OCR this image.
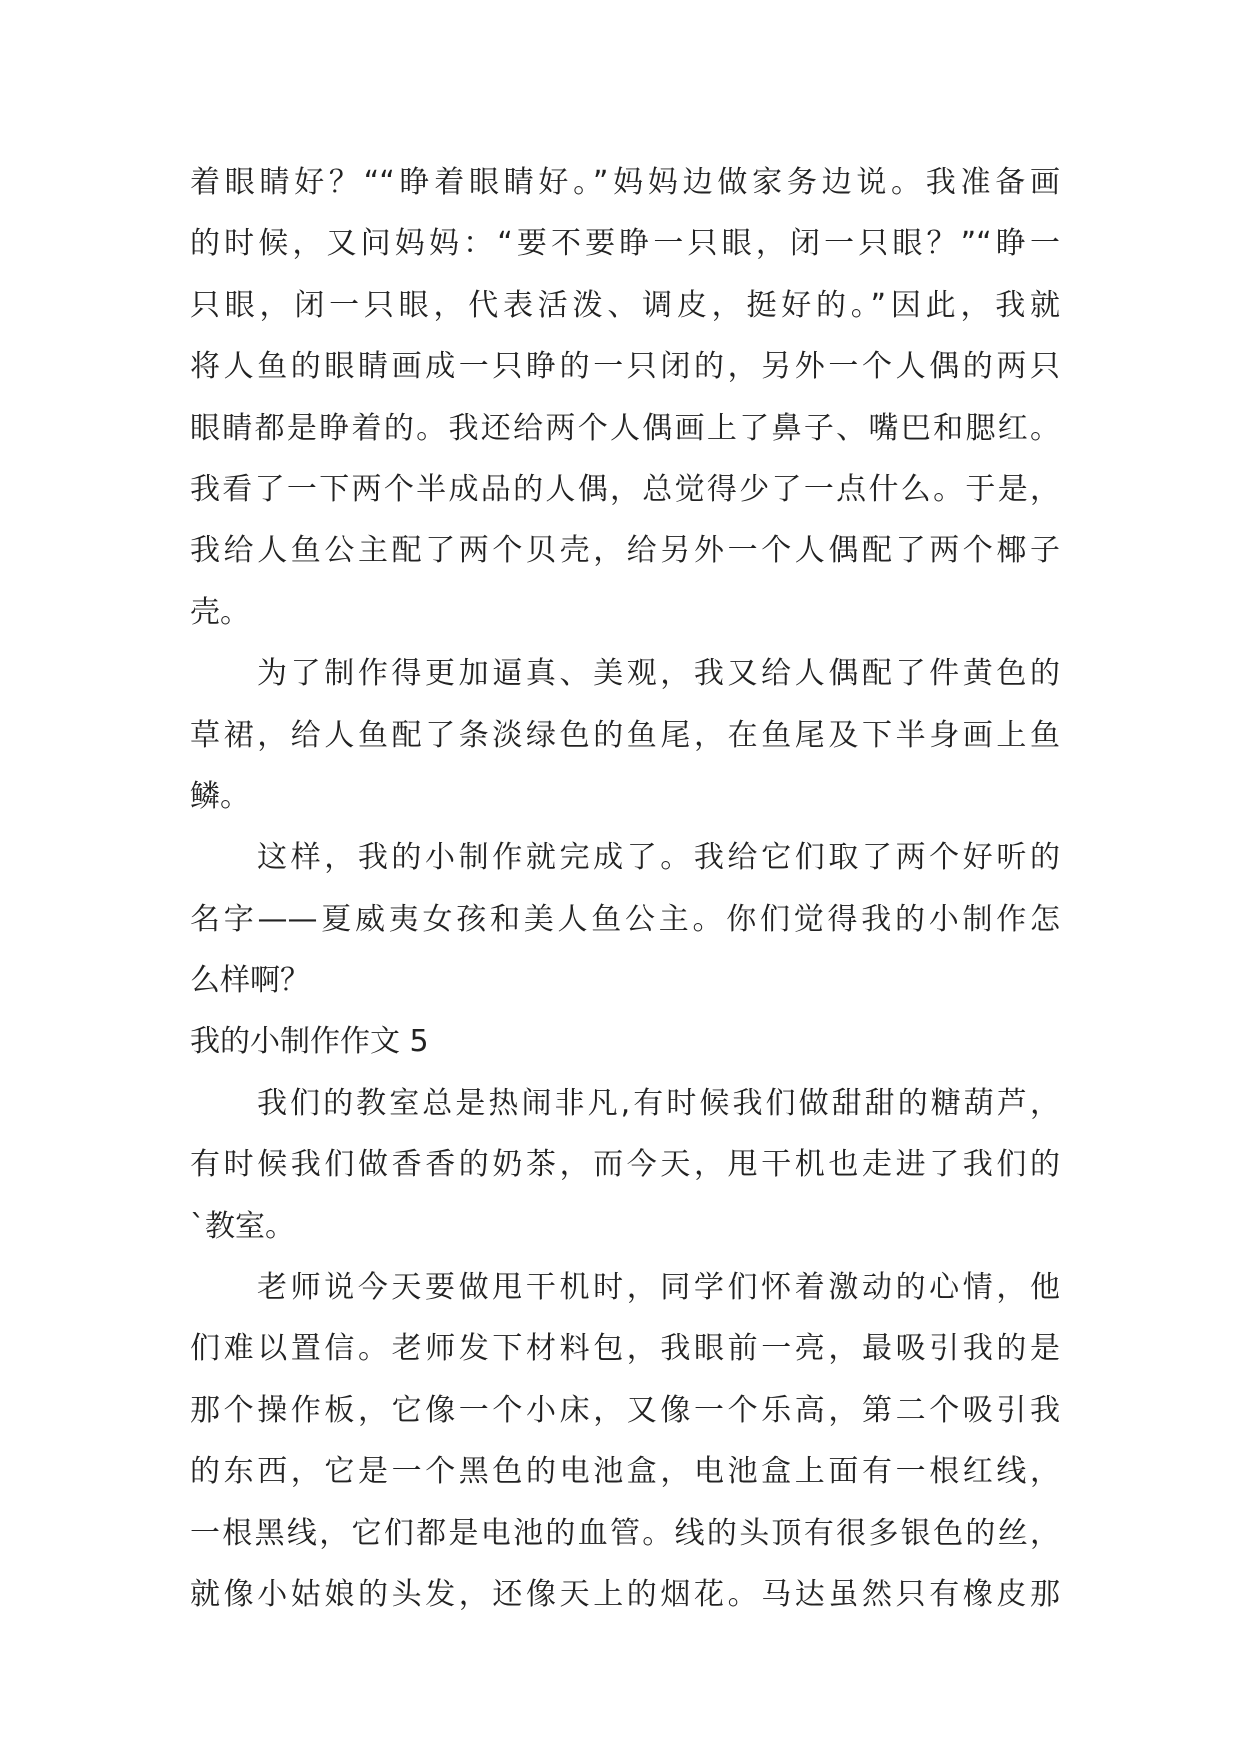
着眼睛好？““睁着眼睛好。”妈妈边做家务边说。我准备画
的时候，又问妈妈：“要不要睁一只眼，闭一只眼？”“睁一
只眼，闭一只眼，代表活泼、调皮，挺好的。”因此，我就
将人鱼的眼睛画成一只睁的一只闭的，另外一个人偶的两只
眼睛都是睁着的。我还给两个人偶画上了鼻子、嘴巴和腮红。
我看了一下两个半成品的人偶，总觉得少了一点什么。于是，
我给人鱼公主配了两个贝壳，给另外一个人偶配了两个椰子
壳。
为了制作得更加逼真、美观，我又给人偶配了件黄色的
草裙，给人鱼配了条淡绿色的鱼尾，在鱼尾及下半身画上鱼
鳞。
这样，我的小制作就完成了。我给它们取了两个好听的
名字——夏威夷女孩和美人鱼公主。你们觉得我的小制作怎
么样啊？
我的小制作作文 5
我们的教室总是热闹非凡,有时候我们做甜甜的糖葫芦，
有时候我们做香香的奶茶，而今天，甩干机也走进了我们的
`教室。
老师说今天要做甩干机时，同学们怀着激动的心情，他
们难以置信。老师发下材料包，我眼前一亮，最吸引我的是
那个操作板，它像一个小床，又像一个乐高，第二个吸引我
的东西，它是一个黑色的电池盒，电池盒上面有一根红线，
一根黑线，它们都是电池的血管。线的头顶有很多银色的丝，
就像小姑娘的头发，还像天上的烟花。马达虽然只有橡皮那
